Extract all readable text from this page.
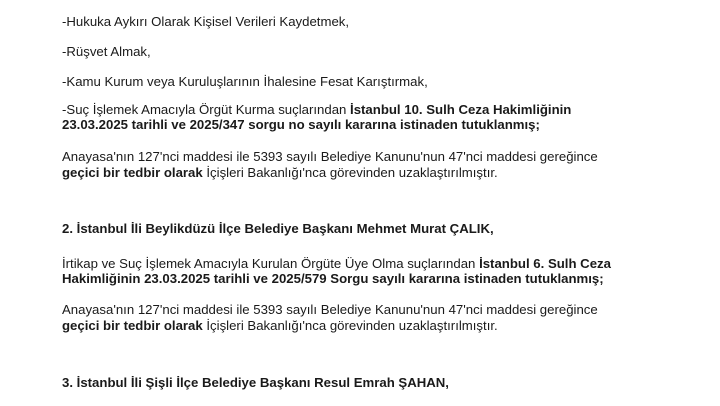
-Hukuka Aykırı Olarak Kişisel Verileri Kaydetmek,
-Rüşvet Almak,
-Kamu Kurum veya Kuruluşlarının İhalesine Fesat Karıştırmak,
-Suç İşlemek Amacıyla Örgüt Kurma suçlarından İstanbul 10. Sulh Ceza Hakimliğinin
23.03.2025 tarihli ve 2025/347 sorgu no sayılı kararına istinaden tutuklanmış;
Anayasa'nın 127'nci maddesi ile 5393 sayılı Belediye Kanunu'nun 47'nci maddesi gereğince
geçici bir tedbir olarak İçişleri Bakanlığı'nca görevinden uzaklaştırılmıştır.
2. İstanbul İli Beylikdüzü İlçe Belediye Başkanı Mehmet Murat ÇALIK,
İrtikap ve Suç İşlemek Amacıyla Kurulan Örgüte Üye Olma suçlarından İstanbul 6. Sulh Ceza
Hakimliğinin 23.03.2025 tarihli ve 2025/579 Sorgu sayılı kararına istinaden tutuklanmış;
Anayasa'nın 127'nci maddesi ile 5393 sayılı Belediye Kanunu'nun 47'nci maddesi gereğince
geçici bir tedbir olarak İçişleri Bakanlığı'nca görevinden uzaklaştırılmıştır.
3. İstanbul İli Şişli İlçe Belediye Başkanı Resul Emrah ŞAHAN,
